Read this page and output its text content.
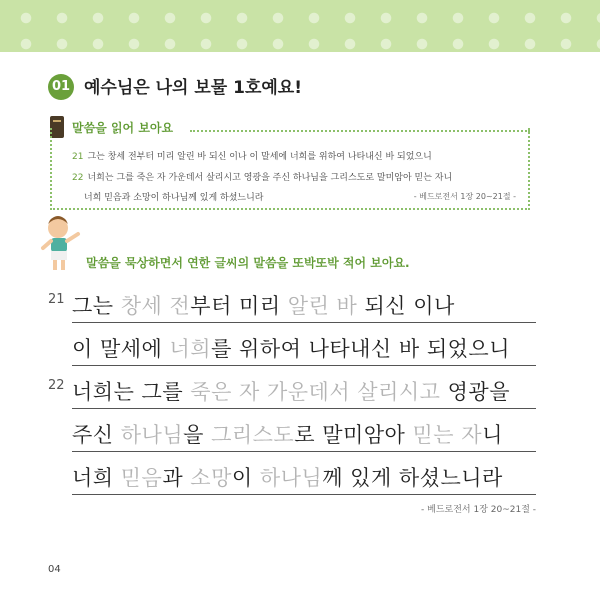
01 예수님은 나의 보물 1호예요!
말씀을 읽어 보아요
21 그는 창세 전부터 미리 알린 바 되신 이나 이 말세에 너희를 위하여 나타내신 바 되었으니
22 너희는 그를 죽은 자 가운데서 살리시고 영광을 주신 하나님을 그리스도로 말미암아 믿는 자니
너희 믿음과 소망이 하나님께 있게 하셨느니라	- 베드로전서 1장 20~21절 -
말씀을 묵상하면서 연한 글씨의 말씀을 또박또박 적어 보아요.
21 그는 창세 전부터 미리 알린 바 되신 이나
이 말세에 너희를 위하여 나타내신 바 되었으니
22 너희는 그를 죽은 자 가운데서 살리시고 영광을
주신 하나님을 그리스도로 말미암아 믿는 자니
너희 믿음과 소망이 하나님께 있게 하셨느니라
- 베드로전서 1장 20~21절 -
04
